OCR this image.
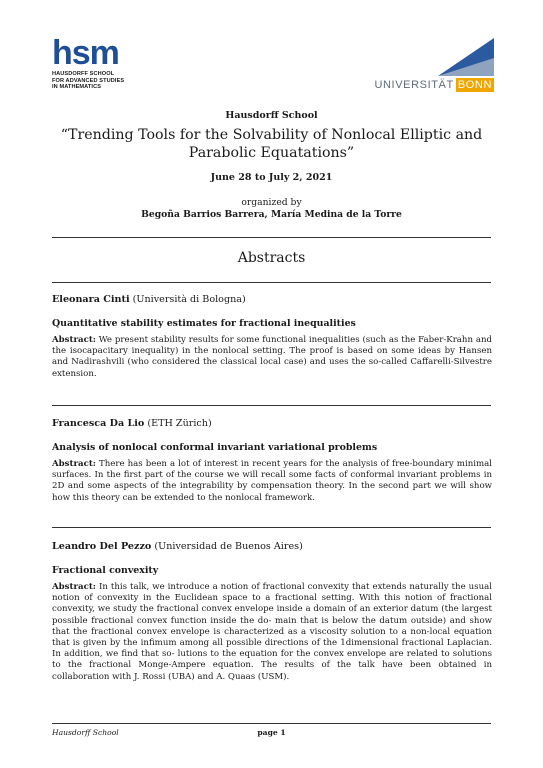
hsm
HAUSDORFF SCHOOL
FOR ADVANCED STUDIES
IN MATHEMATICS	UNIVERSITÄT BONN
Hausdorff School
“Trending Tools for the Solvability of Nonlocal Elliptic and Parabolic Equatations”
June 28 to July 2, 2021
organized by
Begoña Barrios Barrera, María Medina de la Torre
Abstracts
Eleonara Cinti (Università di Bologna)
Quantitative stability estimates for fractional inequalities
Abstract: We present stability results for some functional inequalities (such as the Faber-Krahn and the isocapacitary inequality) in the nonlocal setting. The proof is based on some ideas by Hansen and Nadirashvili (who considered the classical local case) and uses the so-called Caffarelli-Silvestre extension.
Francesca Da Lio (ETH Zürich)
Analysis of nonlocal conformal invariant variational problems
Abstract: There has been a lot of interest in recent years for the analysis of free-boundary minimal surfaces. In the first part of the course we will recall some facts of conformal invariant problems in 2D and some aspects of the integrability by compensation theory. In the second part we will show how this theory can be extended to the nonlocal framework.
Leandro Del Pezzo (Universidad de Buenos Aires)
Fractional convexity
Abstract: In this talk, we introduce a notion of fractional convexity that extends naturally the usual notion of convexity in the Euclidean space to a fractional setting. With this notion of fractional convexity, we study the fractional convex envelope inside a domain of an exterior datum (the largest possible fractional convex function inside the do- main that is below the datum outside) and show that the fractional convex envelope is characterized as a viscosity solution to a non-local equation that is given by the infimum among all possible directions of the 1dimensional fractional Laplacian. In addition, we find that so- lutions to the equation for the convex envelope are related to solutions to the fractional Monge-Ampere equation. The results of the talk have been obtained in collaboration with J. Rossi (UBA) and A. Quaas (USM).
Hausdorff School	page 1
